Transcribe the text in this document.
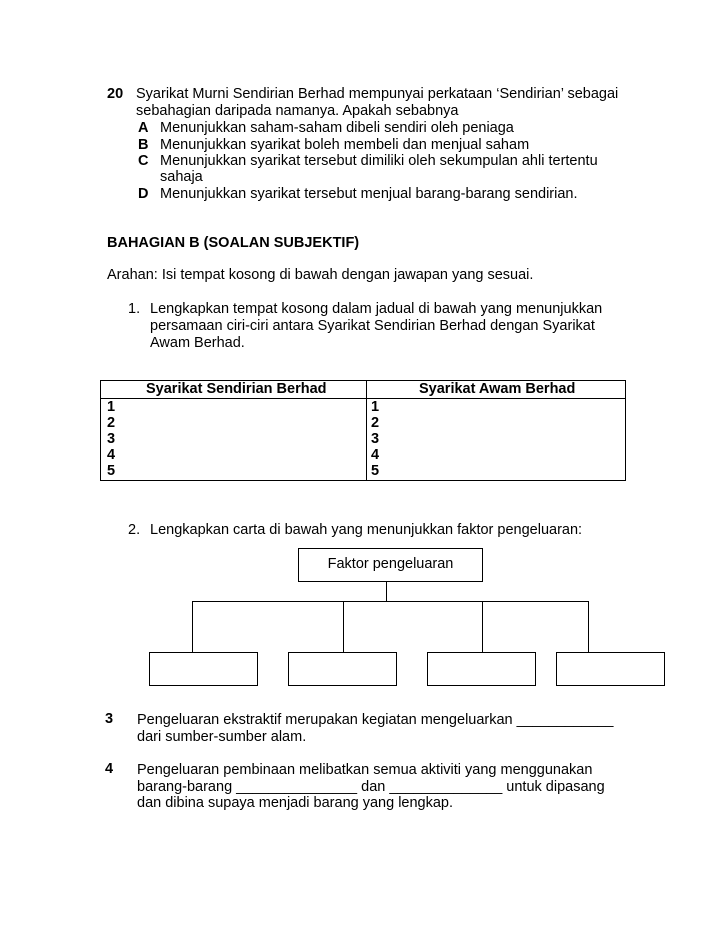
20 Syarikat Murni Sendirian Berhad mempunyai perkataan ‘Sendirian’ sebagai
sebahagian daripada namanya. Apakah sebabnya
A Menunjukkan saham-saham dibeli sendiri oleh peniaga
B Menunjukkan syarikat boleh membeli dan menjual saham
C Menunjukkan syarikat tersebut dimiliki oleh sekumpulan ahli tertentu
sahaja
D Menunjukkan syarikat tersebut menjual barang-barang sendirian.
BAHAGIAN B (SOALAN SUBJEKTIF)
Arahan: Isi tempat kosong di bawah dengan jawapan yang sesuai.
1. Lengkapkan tempat kosong dalam jadual di bawah yang menunjukkan
persamaan ciri-ciri antara Syarikat Sendirian Berhad dengan Syarikat
Awam Berhad.
Syarikat Sendirian Berhad	Syarikat Awam Berhad
1
2
3
4
5
1
2
3
4
5
2. Lengkapkan carta di bawah yang menunjukkan faktor pengeluaran:
Faktor pengeluaran
3 Pengeluaran ekstraktif merupakan kegiatan mengeluarkan ____________
dari sumber-sumber alam.
4 Pengeluaran pembinaan melibatkan semua aktiviti yang menggunakan
barang-barang _______________ dan ______________ untuk dipasang
dan dibina supaya menjadi barang yang lengkap.
